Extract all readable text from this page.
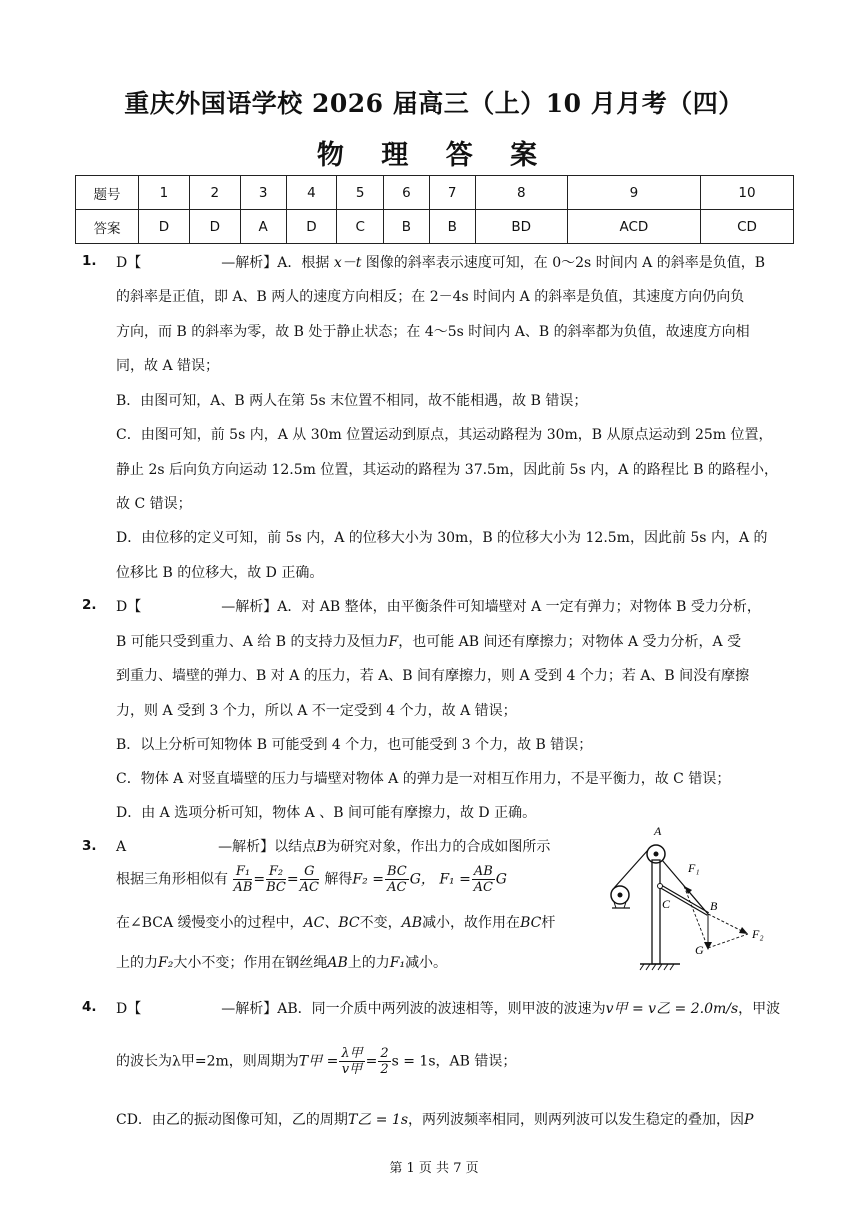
重庆外国语学校 2026 届高三（上）10 月月考（四）
物 理 答 案
题号	1	2	3	4	5	6	7	8	9	10
答案	D	D	A	D	C	B	B	BD	ACD	CD
1. D【	—解析】A．根据 x－t 图像的斜率表示速度可知，在 0～2s 时间内 A 的斜率是负值，B
的斜率是正值，即 A、B 两人的速度方向相反；在 2－4s 时间内 A 的斜率是负值，其速度方向仍向负
方向，而 B 的斜率为零，故 B 处于静止状态；在 4～5s 时间内 A、B 的斜率都为负值，故速度方向相
同，故 A 错误；
B．由图可知，A、B 两人在第 5s 末位置不相同，故不能相遇，故 B 错误；
C．由图可知，前 5s 内，A 从 30m 位置运动到原点，其运动路程为 30m，B 从原点运动到 25m 位置，
静止 2s 后向负方向运动 12.5m 位置，其运动的路程为 37.5m，因此前 5s 内，A 的路程比 B 的路程小，
故 C 错误；
D．由位移的定义可知，前 5s 内，A 的位移大小为 30m，B 的位移大小为 12.5m，因此前 5s 内，A 的
位移比 B 的位移大，故 D 正确。
2. D【	—解析】A．对 AB 整体，由平衡条件可知墙壁对 A 一定有弹力；对物体 B 受力分析，
B 可能只受到重力、A 给 B 的支持力及恒力F，也可能 AB 间还有摩擦力；对物体 A 受力分析，A 受
到重力、墙壁的弹力、B 对 A 的压力，若 A、B 间有摩擦力，则 A 受到 4 个力；若 A、B 间没有摩擦
力，则 A 受到 3 个力，所以 A 不一定受到 4 个力，故 A 错误；
B．以上分析可知物体 B 可能受到 4 个力，也可能受到 3 个力，故 B 错误；
C．物体 A 对竖直墙壁的压力与墙壁对物体 A 的弹力是一对相互作用力，不是平衡力，故 C 错误；
D．由 A 选项分析可知，物体 A 、B 间可能有摩擦力，故 D 正确。
3. A	—解析】以结点B为研究对象，作出力的合成如图所示
根据三角形相似有 $\frac{\text{F₁}}{AB} = \frac{\text{F₂}}{BC} = \frac{G}{AC}$ 解得$F_2 = \frac{BC}{AC}$ G， $F_1 = \frac{AB}{AC}$ G
在∠BCA 缓慢变小的过程中，AC、BC不变，AB减小，故作用在BC杆
上的力F₂大小不变；作用在钢丝绳AB上的力F₁减小。
A
F₁
C	B
F₂
G
4. D【	—解析】AB．同一介质中两列波的波速相等，则甲波的波速为v甲 = v乙 = 2.0m/s，甲波
的波长为λ甲=2m，则周期为T甲 = $\frac{\text{λ甲}}{\text{v甲}} = \frac{2}{2}$ s = 1s，AB 错误；
CD．由乙的振动图像可知，乙的周期T乙 = 1s，两列波频率相同，则两列波可以发生稳定的叠加，因P
第 1 页 共 7 页
